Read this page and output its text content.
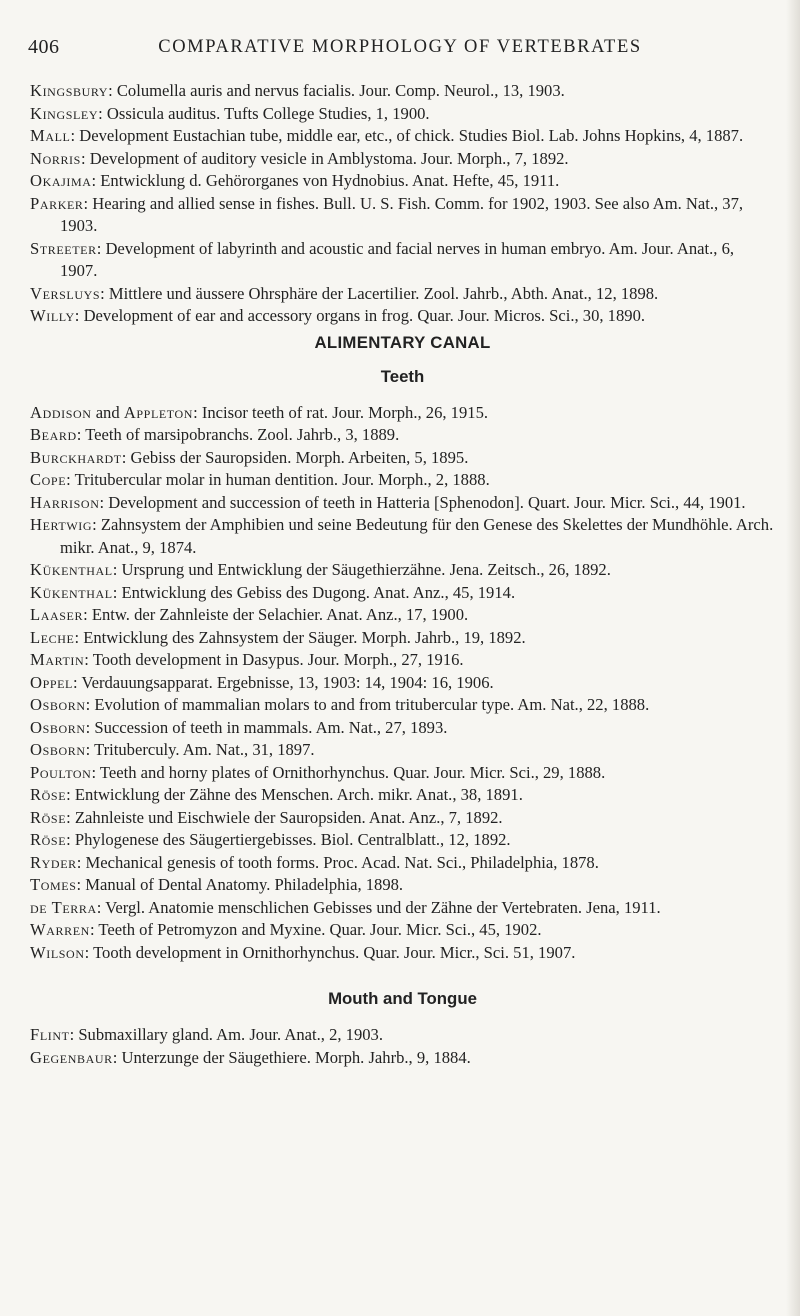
406	COMPARATIVE MORPHOLOGY OF VERTEBRATES
Kingsbury: Columella auris and nervus facialis. Jour. Comp. Neurol., 13, 1903.
Kingsley: Ossicula auditus. Tufts College Studies, 1, 1900.
Mall: Development Eustachian tube, middle ear, etc., of chick. Studies Biol. Lab. Johns Hopkins, 4, 1887.
Norris: Development of auditory vesicle in Amblystoma. Jour. Morph., 7, 1892.
Okajima: Entwicklung d. Gehörorganes von Hydnobius. Anat. Hefte, 45, 1911.
Parker: Hearing and allied sense in fishes. Bull. U. S. Fish. Comm. for 1902, 1903. See also Am. Nat., 37, 1903.
Streeter: Development of labyrinth and acoustic and facial nerves in human embryo. Am. Jour. Anat., 6, 1907.
Versluys: Mittlere und äussere Ohrsphäre der Lacertilier. Zool. Jahrb., Abth. Anat., 12, 1898.
Willy: Development of ear and accessory organs in frog. Quar. Jour. Micros. Sci., 30, 1890.
ALIMENTARY CANAL
Teeth
Addison and Appleton: Incisor teeth of rat. Jour. Morph., 26, 1915.
Beard: Teeth of marsipobranchs. Zool. Jahrb., 3, 1889.
Burckhardt: Gebiss der Sauropsiden. Morph. Arbeiten, 5, 1895.
Cope: Tritubercular molar in human dentition. Jour. Morph., 2, 1888.
Harrison: Development and succession of teeth in Hatteria [Sphenodon]. Quart. Jour. Micr. Sci., 44, 1901.
Hertwig: Zahnsystem der Amphibien und seine Bedeutung für den Genese des Skelettes der Mundhöhle. Arch. mikr. Anat., 9, 1874.
Kükenthal: Ursprung und Entwicklung der Säugethierzähne. Jena. Zeitsch., 26, 1892.
Kükenthal: Entwicklung des Gebiss des Dugong. Anat. Anz., 45, 1914.
Laaser: Entw. der Zahnleiste der Selachier. Anat. Anz., 17, 1900.
Leche: Entwicklung des Zahnsystem der Säuger. Morph. Jahrb., 19, 1892.
Martin: Tooth development in Dasypus. Jour. Morph., 27, 1916.
Oppel: Verdauungsapparat. Ergebnisse, 13, 1903: 14, 1904: 16, 1906.
Osborn: Evolution of mammalian molars to and from tritubercular type. Am. Nat., 22, 1888.
Osborn: Succession of teeth in mammals. Am. Nat., 27, 1893.
Osborn: Trituberculy. Am. Nat., 31, 1897.
Poulton: Teeth and horny plates of Ornithorhynchus. Quar. Jour. Micr. Sci., 29, 1888.
Röse: Entwicklung der Zähne des Menschen. Arch. mikr. Anat., 38, 1891.
Röse: Zahnleiste und Eischwiele der Sauropsiden. Anat. Anz., 7, 1892.
Röse: Phylogenese des Säugertiergebisses. Biol. Centralblatt., 12, 1892.
Ryder: Mechanical genesis of tooth forms. Proc. Acad. Nat. Sci., Philadelphia, 1878.
Tomes: Manual of Dental Anatomy. Philadelphia, 1898.
de Terra: Vergl. Anatomie menschlichen Gebisses und der Zähne der Vertebraten. Jena, 1911.
Warren: Teeth of Petromyzon and Myxine. Quar. Jour. Micr. Sci., 45, 1902.
Wilson: Tooth development in Ornithorhynchus. Quar. Jour. Micr., Sci. 51, 1907.
Mouth and Tongue
Flint: Submaxillary gland. Am. Jour. Anat., 2, 1903.
Gegenbaur: Unterzunge der Säugethiere. Morph. Jahrb., 9, 1884.
